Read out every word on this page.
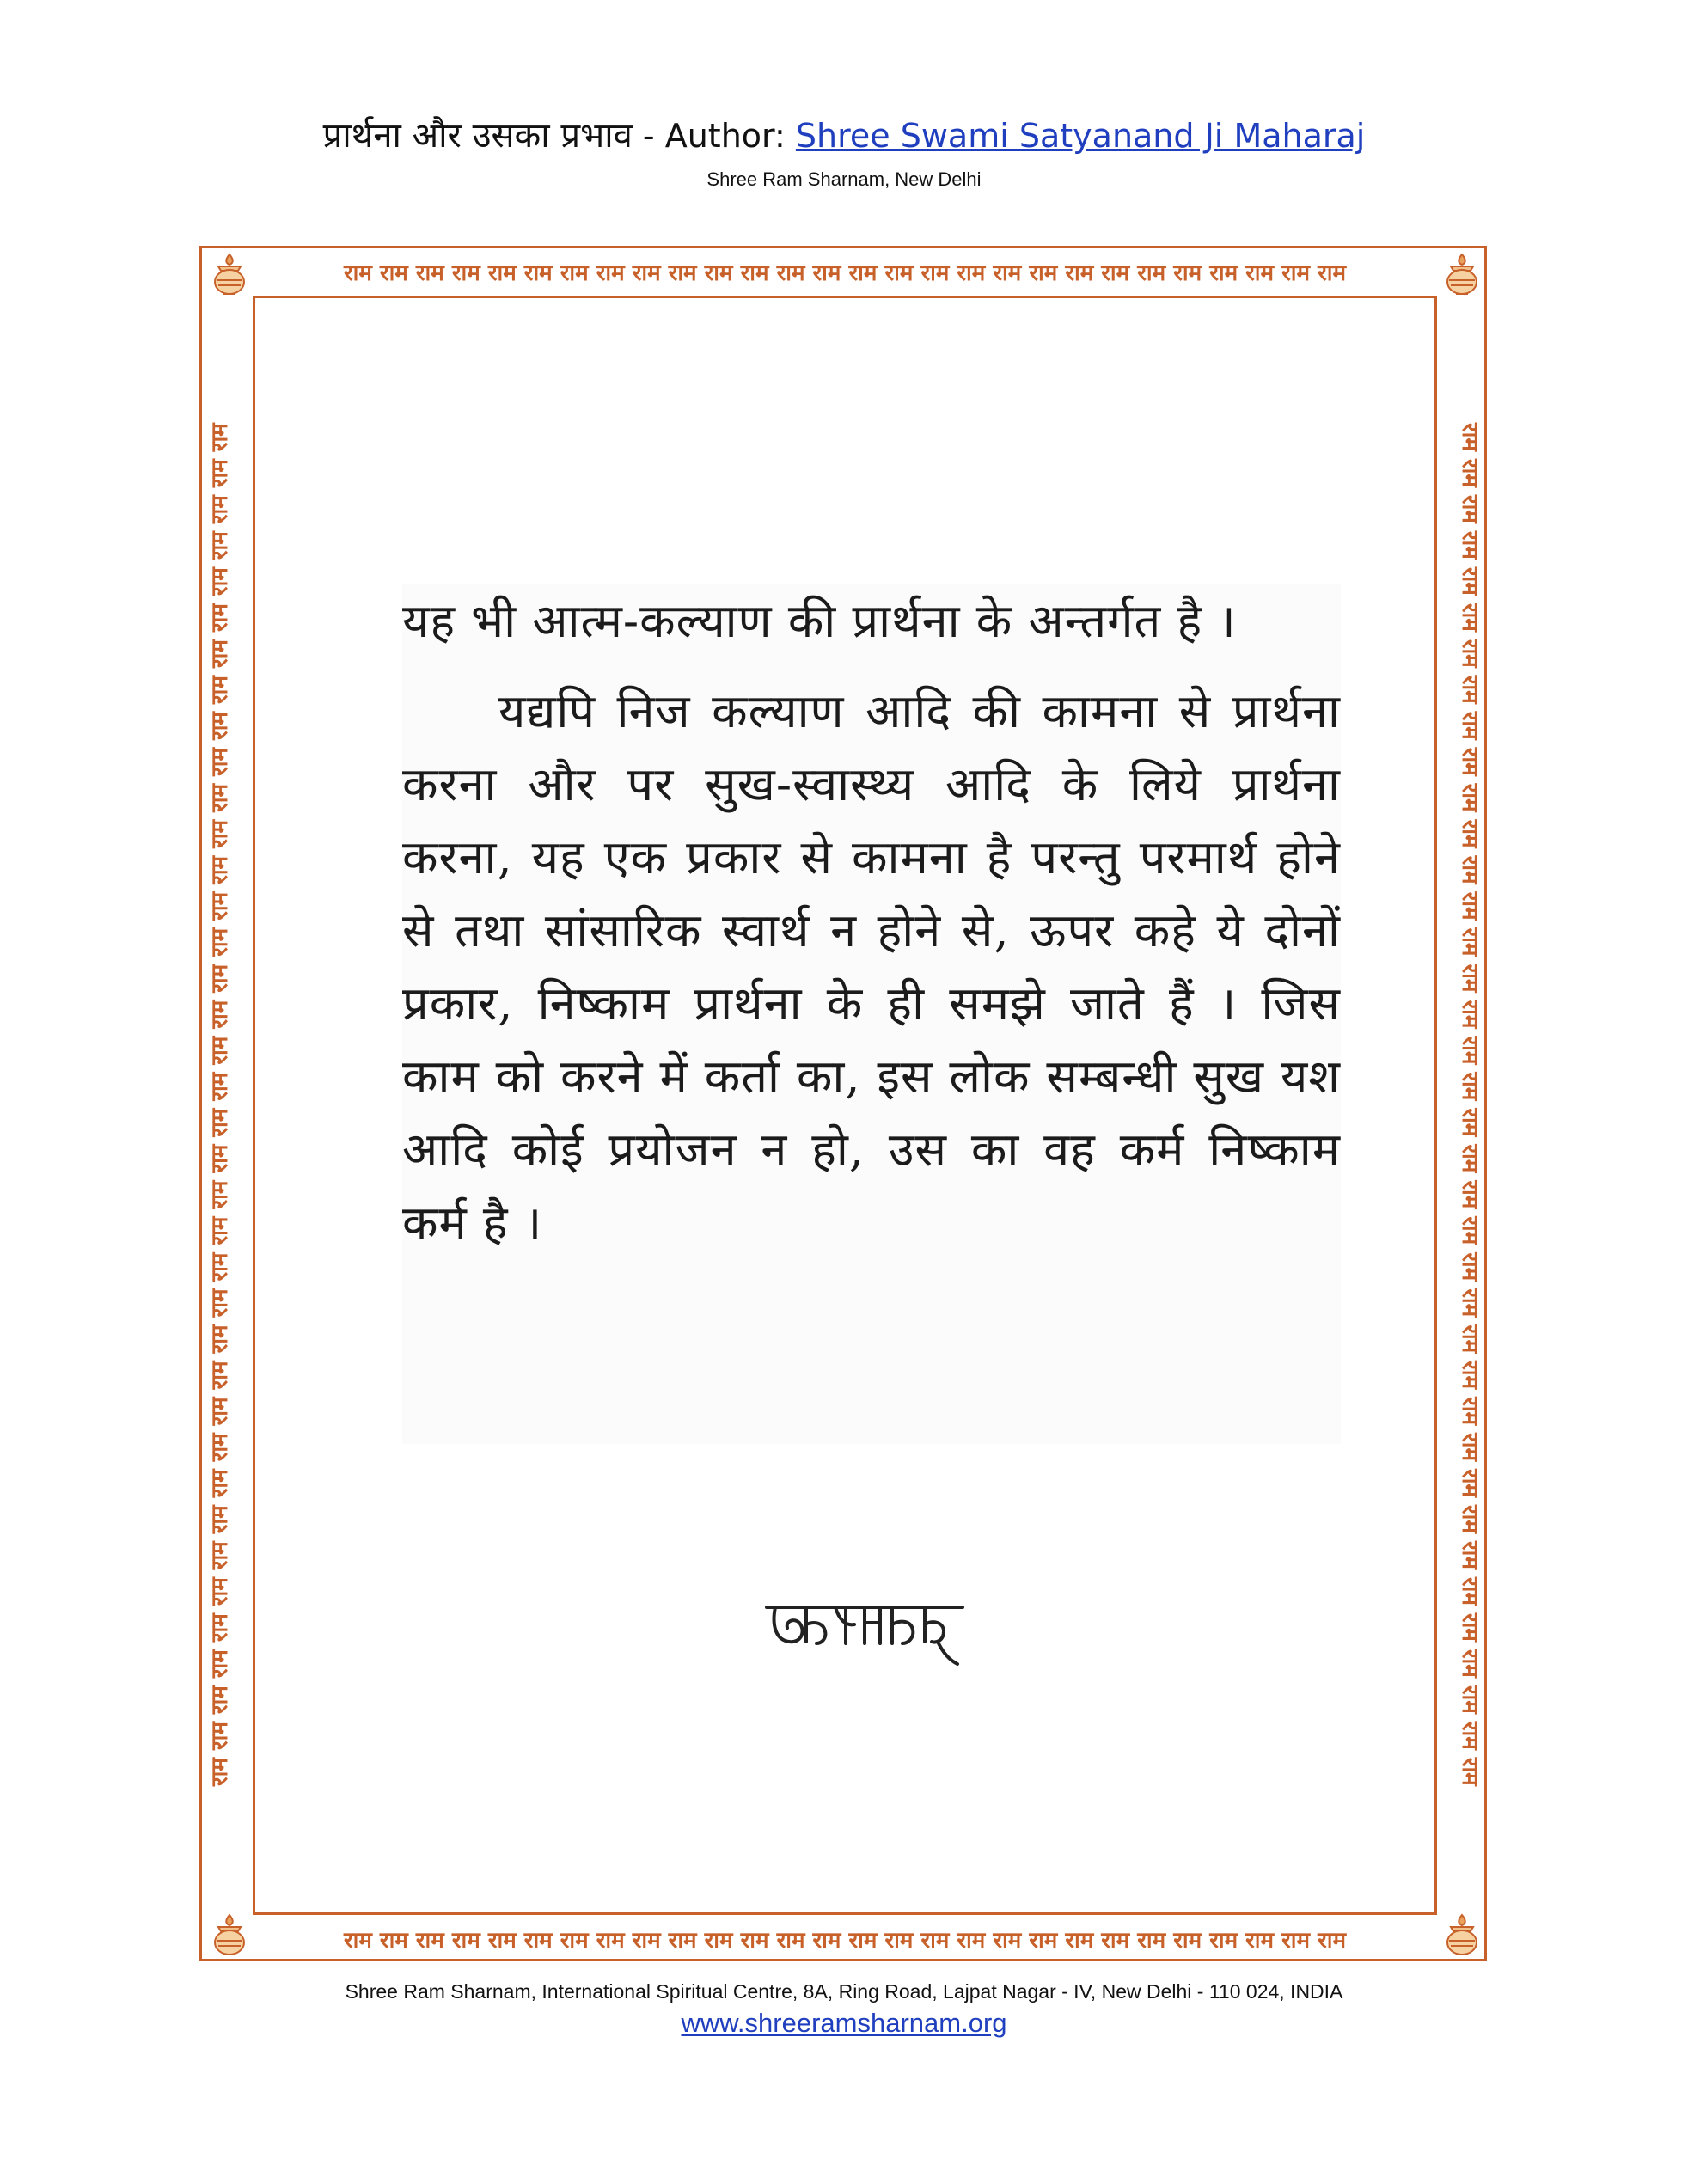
प्रार्थना और उसका प्रभाव - Author: Shree Swami Satyanand Ji Maharaj
Shree Ram Sharnam, New Delhi
राम राम राम राम राम राम राम राम राम राम राम राम राम राम राम राम राम राम राम राम राम राम राम राम राम राम राम राम
राम राम राम राम राम राम राम राम राम राम राम राम राम राम राम राम राम राम राम राम राम राम राम राम राम राम राम राम
राम राम राम राम राम राम राम राम राम राम राम राम राम राम राम राम राम राम राम राम राम राम राम राम राम राम राम राम राम राम राम राम राम राम राम राम राम राम	राम राम राम राम राम राम राम राम राम राम राम राम राम राम राम राम राम राम राम राम राम राम राम राम राम राम राम राम राम राम राम राम राम राम राम राम राम राम

यह भी आत्म-कल्याण की प्रार्थना के अन्तर्गत है ।

यद्यपि निज कल्याण आदि की कामना से प्रार्थना करना और पर सुख-स्वास्थ्य आदि के लिये प्रार्थना करना, यह एक प्रकार से कामना है परन्तु परमार्थ होने से तथा सांसारिक स्वार्थ न होने से, ऊपर कहे ये दोनों प्रकार, निष्काम प्रार्थना के ही समझे जाते हैं । जिस काम को करने में कर्ता का, इस लोक सम्बन्धी सुख यश आदि कोई प्रयोजन न हो, उस का वह कर्म निष्काम कर्म है ।

Shree Ram Sharnam, International Spiritual Centre, 8A, Ring Road, Lajpat Nagar - IV, New Delhi - 110 024, INDIA
www.shreeramsharnam.org
